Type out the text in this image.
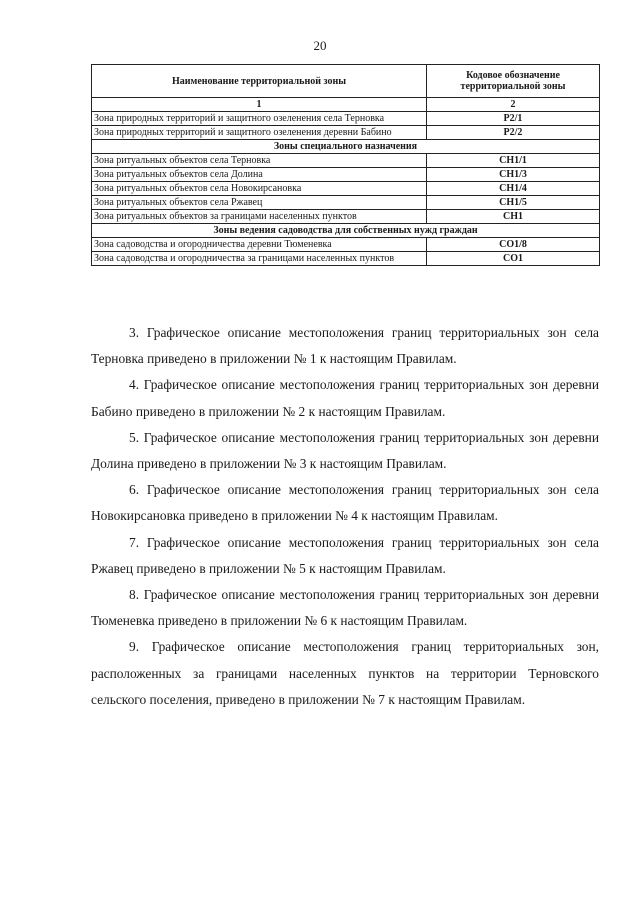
20
Наименование территориальной зоны	Кодовое обозначение территориальной зоны
1	2
Зона природных территорий и защитного озеленения села Терновка	Р2/1
Зона природных территорий и защитного озеленения деревни Бабино	Р2/2
Зоны специального назначения	
Зона ритуальных объектов села Терновка	СН1/1
Зона ритуальных объектов села Долина	СН1/3
Зона ритуальных объектов села Новокирсановка	СН1/4
Зона ритуальных объектов села Ржавец	СН1/5
Зона ритуальных объектов за границами населенных пунктов	СН1
Зоны ведения садоводства для собственных нужд граждан	
Зона садоводства и огородничества деревни Тюменевка	СО1/8
Зона садоводства и огородничества за границами населенных пунктов	СО1

3. Графическое описание местоположения границ территориальных зон села Терновка приведено в приложении № 1 к настоящим Правилам.

4. Графическое описание местоположения границ территориальных зон деревни Бабино приведено в приложении № 2 к настоящим Правилам.

5. Графическое описание местоположения границ территориальных зон деревни Долина приведено в приложении № 3 к настоящим Правилам.

6. Графическое описание местоположения границ территориальных зон села Новокирсановка приведено в приложении № 4 к настоящим Правилам.

7. Графическое описание местоположения границ территориальных зон села Ржавец приведено в приложении № 5 к настоящим Правилам.

8. Графическое описание местоположения границ территориальных зон деревни Тюменевка приведено в приложении № 6 к настоящим Правилам.

9. Графическое описание местоположения границ территориальных зон, расположенных за границами населенных пунктов на территории Терновского сельского поселения, приведено в приложении № 7 к настоящим Правилам.
